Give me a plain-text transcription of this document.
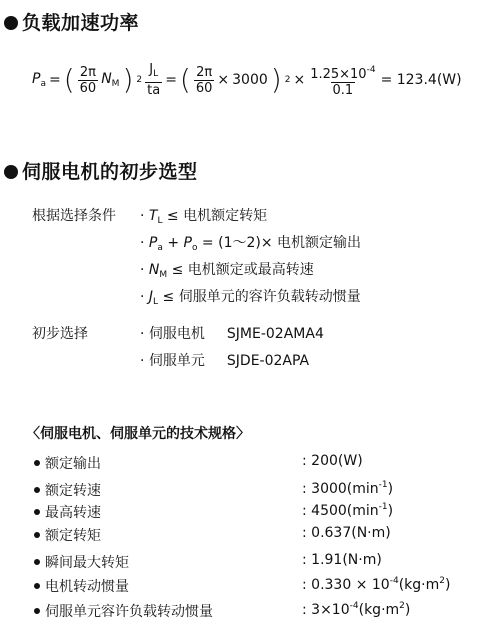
负载加速功率
$P_a$ = ( $\frac{2\pi}{60} N_M$ ) $2 \frac{J_L}{ta}$ = ( $\frac{2\pi}{60} \times 3000$ ) $2 \times \frac{1.25\times 10^{-4}}{0.1} = 123.4(W)$
伺服电机的初步选型
根据选择条件 · $T_L$ ≤ 电机额定转矩
· $P_a + P_o$ = (1～2)× 电机额定输出
· $N_M$ ≤ 电机额定或最高转速
· $J_L$ ≤ 伺服单元的容许负载转动惯量
初步选择	· 伺服电机 SJME-02AMA4
· 伺服单元 SJDE-02APA
〈伺服电机、伺服单元的技术规格〉
额定输出	: 200(W)
额定转速	: $3000(\min^{-1})$
最高转速	: $4500(\min^{-1})$
额定转矩	: 0.637(N·m)
瞬间最大转矩	: 1.91(N·m)
电机转动惯量	: $0.330 \times 10^{-4}(kg\cdot m^2)$
伺服单元容许负载转动惯量	: $3\times 10^{-4}(kg\cdot m^2)$
